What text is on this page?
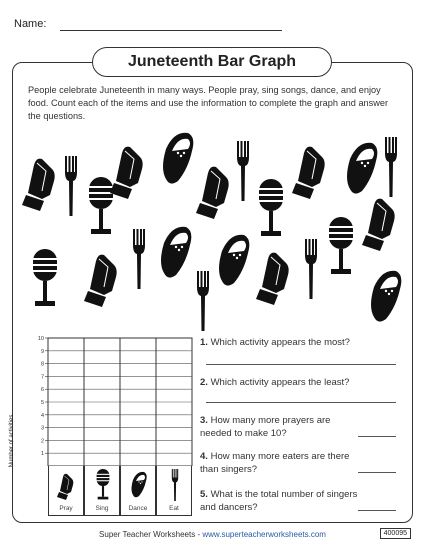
Name:
Juneteenth Bar Graph
People celebrate Juneteenth in many ways. People pray, sing songs, dance, and enjoy food. Count each of the items and use the information to complete the graph and answer the questions.
10
9
8
7
6
5
4
3
2
1
Number of activities
Pray	Sing	Dance	Eat
1. Which activity appears the most?
2. Which activity appears the least?
3. How many more prayers are needed to make 10?
4. How many more eaters are there than singers?
5. What is the total number of singers and dancers?
Super Teacher Worksheets - www.superteacherworksheets.com	400095
